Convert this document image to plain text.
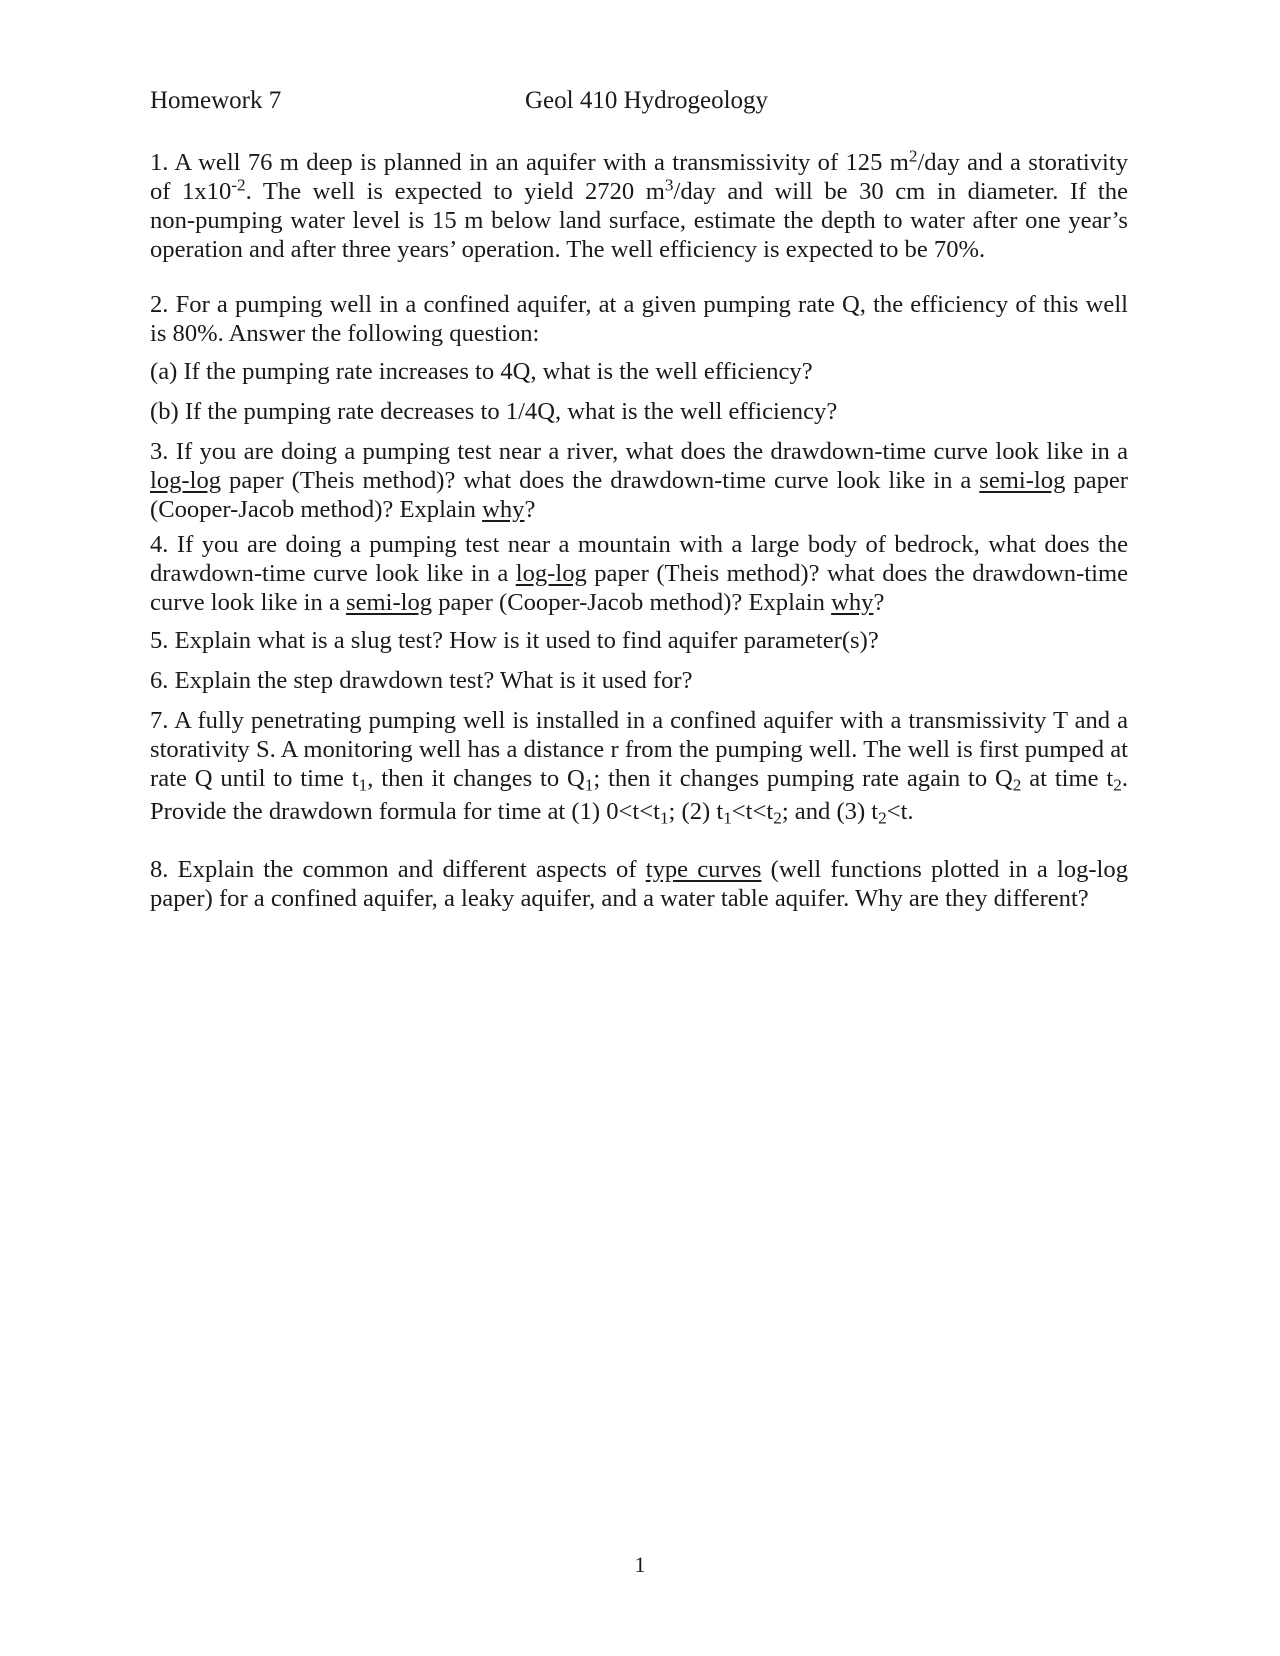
Homework 7	Geol 410 Hydrogeology
1. A well 76 m deep is planned in an aquifer with a transmissivity of 125 $m^2$/day and a storativity
of $1x10^{-2}$. The well is expected to yield 2720 $m^3$/day and will be 30 cm in diameter. If the
non-pumping water level is 15 m below land surface, estimate the depth to water after one year’s
operation and after three years’ operation. The well efficiency is expected to be 70%.
2. For a pumping well in a confined aquifer, at a given pumping rate Q, the efficiency of this well
is 80%. Answer the following question:
(a) If the pumping rate increases to 4Q, what is the well efficiency?
(b) If the pumping rate decreases to 1/4Q, what is the well efficiency?
3. If you are doing a pumping test near a river, what does the drawdown-time curve look like in a
log-log paper (Theis method)? what does the drawdown-time curve look like in a semi-log paper
(Cooper-Jacob method)? Explain why?
4. If you are doing a pumping test near a mountain with a large body of bedrock, what does the
drawdown-time curve look like in a log-log paper (Theis method)? what does the drawdown-time
curve look like in a semi-log paper (Cooper-Jacob method)? Explain why?
5. Explain what is a slug test? How is it used to find aquifer parameter(s)?
6. Explain the step drawdown test? What is it used for?
7. A fully penetrating pumping well is installed in a confined aquifer with a transmissivity T and a
storativity S. A monitoring well has a distance r from the pumping well. The well is first pumped at
rate Q until to time $t_1$, then it changes to $Q_1$; then it changes pumping rate again to $Q_2$ at time $t_2$.
Provide the drawdown formula for time at (1) $0<t<t_1$; (2) $t_1<t<t_2$; and (3) $t_2<t$.
8. Explain the common and different aspects of type curves (well functions plotted in a log-log
paper) for a confined aquifer, a leaky aquifer, and a water table aquifer. Why are they different?
1
